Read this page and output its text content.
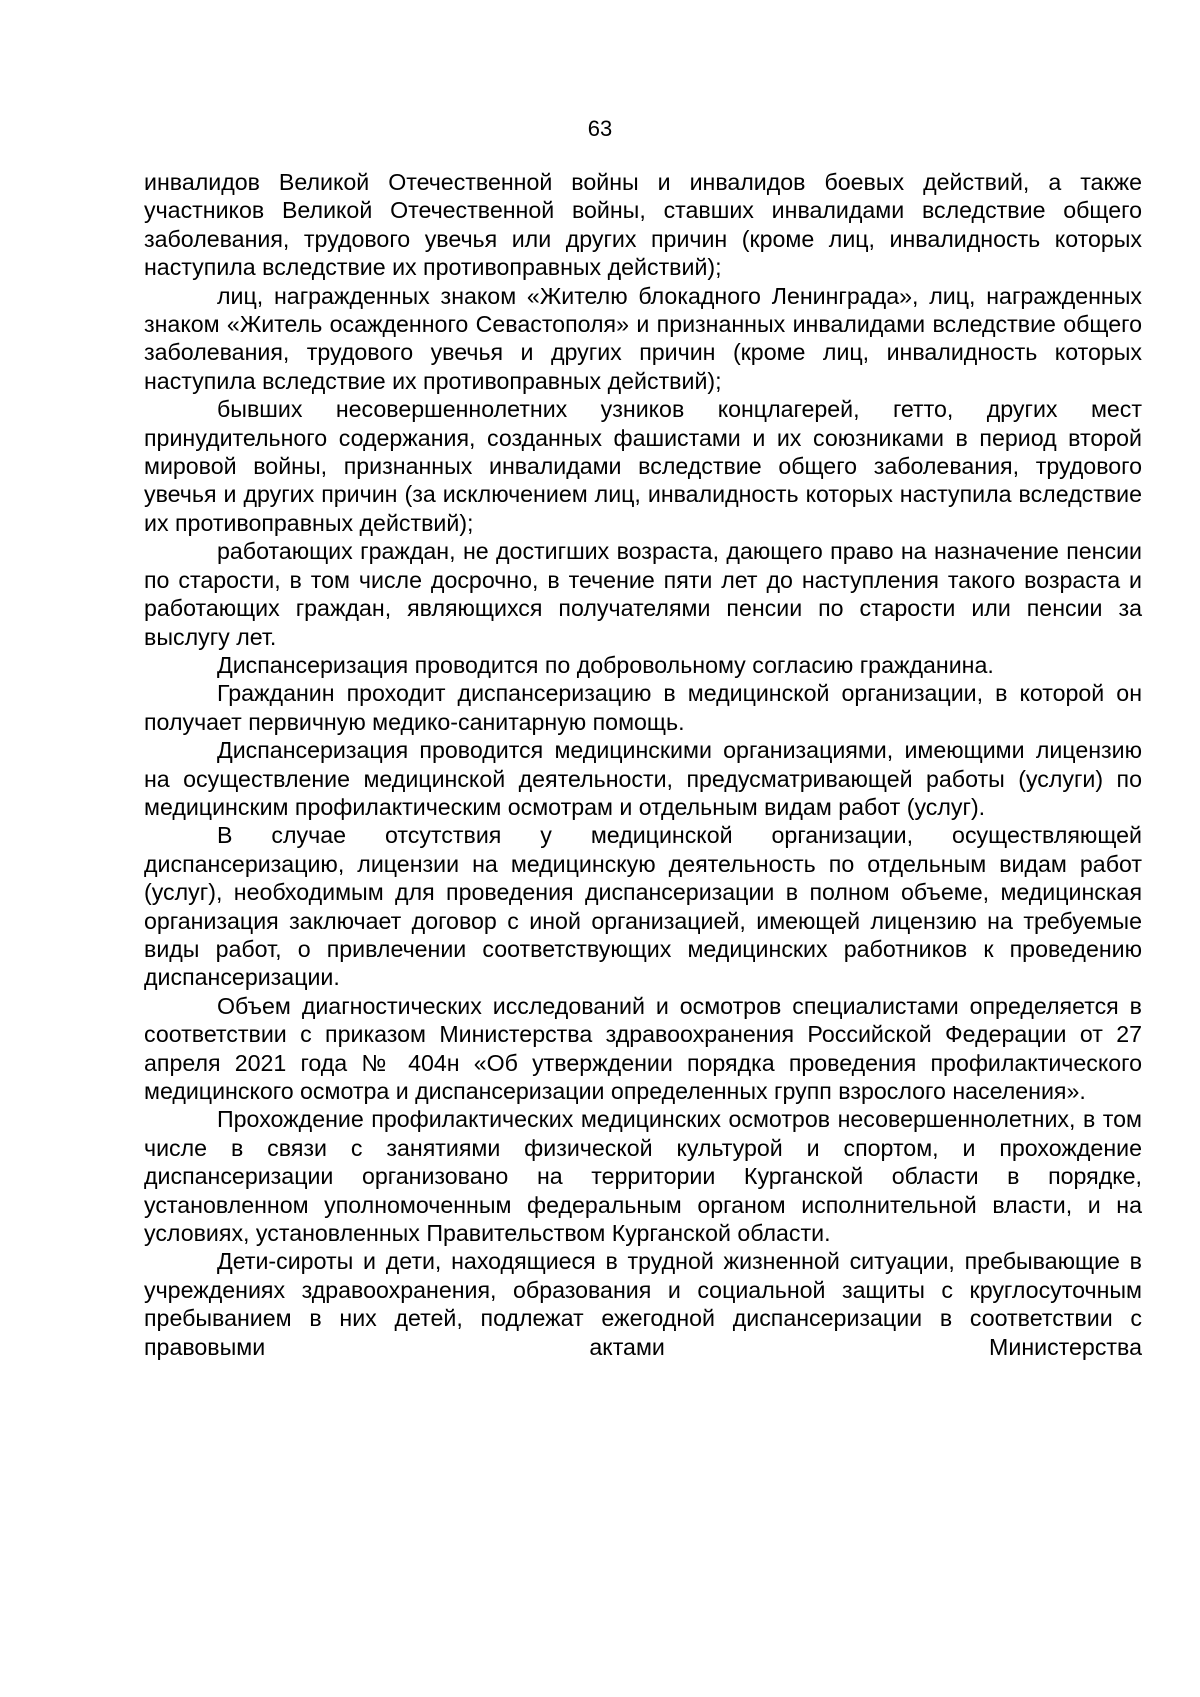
63

инвалидов Великой Отечественной войны и инвалидов боевых действий, а также участников Великой Отечественной войны, ставших инвалидами вследствие общего заболевания, трудового увечья или других причин (кроме лиц, инвалидность которых наступила вследствие их противоправных действий);

лиц, награжденных знаком «Жителю блокадного Ленинграда», лиц, награжденных знаком «Житель осажденного Севастополя» и признанных инвалидами вследствие общего заболевания, трудового увечья и других причин (кроме лиц, инвалидность которых наступила вследствие их противоправных действий);

бывших несовершеннолетних узников концлагерей, гетто, других мест принудительного содержания, созданных фашистами и их союзниками в период второй мировой войны, признанных инвалидами вследствие общего заболевания, трудового увечья и других причин (за исключением лиц, инвалидность которых наступила вследствие их противоправных действий);

работающих граждан, не достигших возраста, дающего право на назначение пенсии по старости, в том числе досрочно, в течение пяти лет до наступления такого возраста и работающих граждан, являющихся получателями пенсии по старости или пенсии за выслугу лет.

Диспансеризация проводится по добровольному согласию гражданина.

Гражданин проходит диспансеризацию в медицинской организации, в которой он получает первичную медико-санитарную помощь.

Диспансеризация проводится медицинскими организациями, имеющими лицензию на осуществление медицинской деятельности, предусматривающей работы (услуги) по медицинским профилактическим осмотрам и отдельным видам работ (услуг).

В случае отсутствия у медицинской организации, осуществляющей диспансеризацию, лицензии на медицинскую деятельность по отдельным видам работ (услуг), необходимым для проведения диспансеризации в полном объеме, медицинская организация заключает договор с иной организацией, имеющей лицензию на требуемые виды работ, о привлечении соответствующих медицинских работников к проведению диспансеризации.

Объем диагностических исследований и осмотров специалистами определяется в соответствии с приказом Министерства здравоохранения Российской Федерации от 27 апреля 2021 года № 404н «Об утверждении порядка проведения профилактического медицинского осмотра и диспансеризации определенных групп взрослого населения».

Прохождение профилактических медицинских осмотров несовершеннолетних, в том числе в связи с занятиями физической культурой и спортом, и прохождение диспансеризации организовано на территории Курганской области в порядке, установленном уполномоченным федеральным органом исполнительной власти, и на условиях, установленных Правительством Курганской области.

Дети-сироты и дети, находящиеся в трудной жизненной ситуации, пребывающие в учреждениях здравоохранения, образования и социальной защиты с круглосуточным пребыванием в них детей, подлежат ежегодной диспансеризации в соответствии с правовыми актами Министерства
